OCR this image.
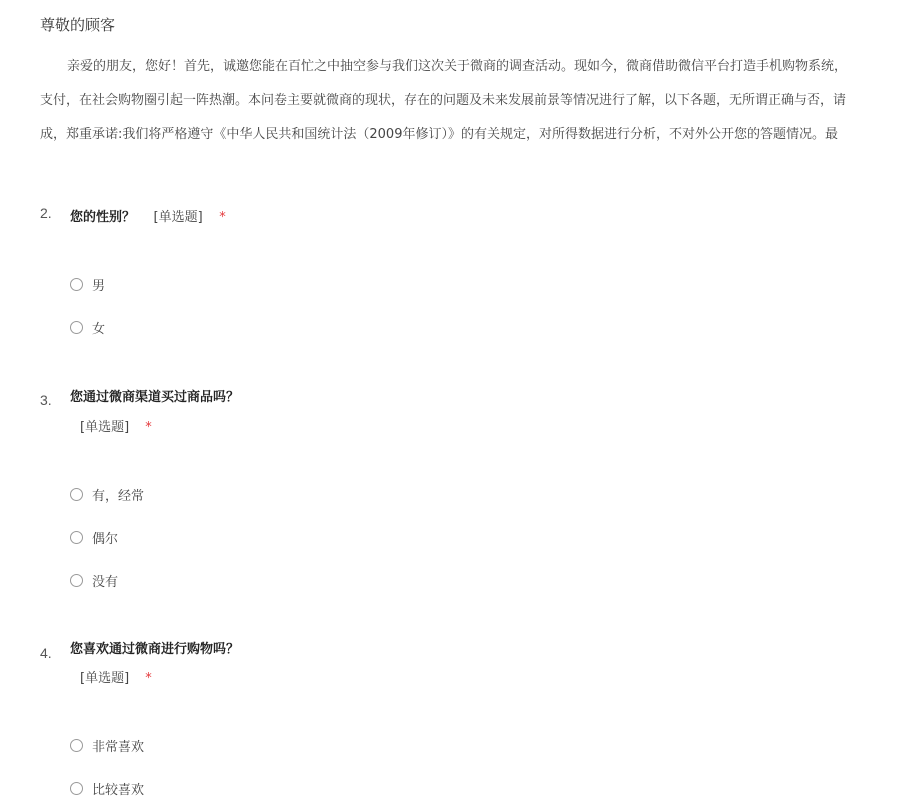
尊敬的顾客
亲爱的朋友，您好！首先，诚邀您能在百忙之中抽空参与我们这次关于微商的调查活动。现如今，微商借助微信平台打造手机购物系统，
支付，在社会购物圈引起一阵热潮。本问卷主要就微商的现状，存在的问题及未来发展前景等情况进行了解，以下各题，无所谓正确与否，请
成，郑重承诺:我们将严格遵守《中华人民共和国统计法（2009年修订）》的有关规定，对所得数据进行分析，不对外公开您的答题情况。最
2. 您的性别？ [单选题] *
男
女
3. 您通过微商渠道买过商品吗？
[单选题] *
有，经常
偶尔
没有
4. 您喜欢通过微商进行购物吗？
[单选题] *
非常喜欢
比较喜欢
